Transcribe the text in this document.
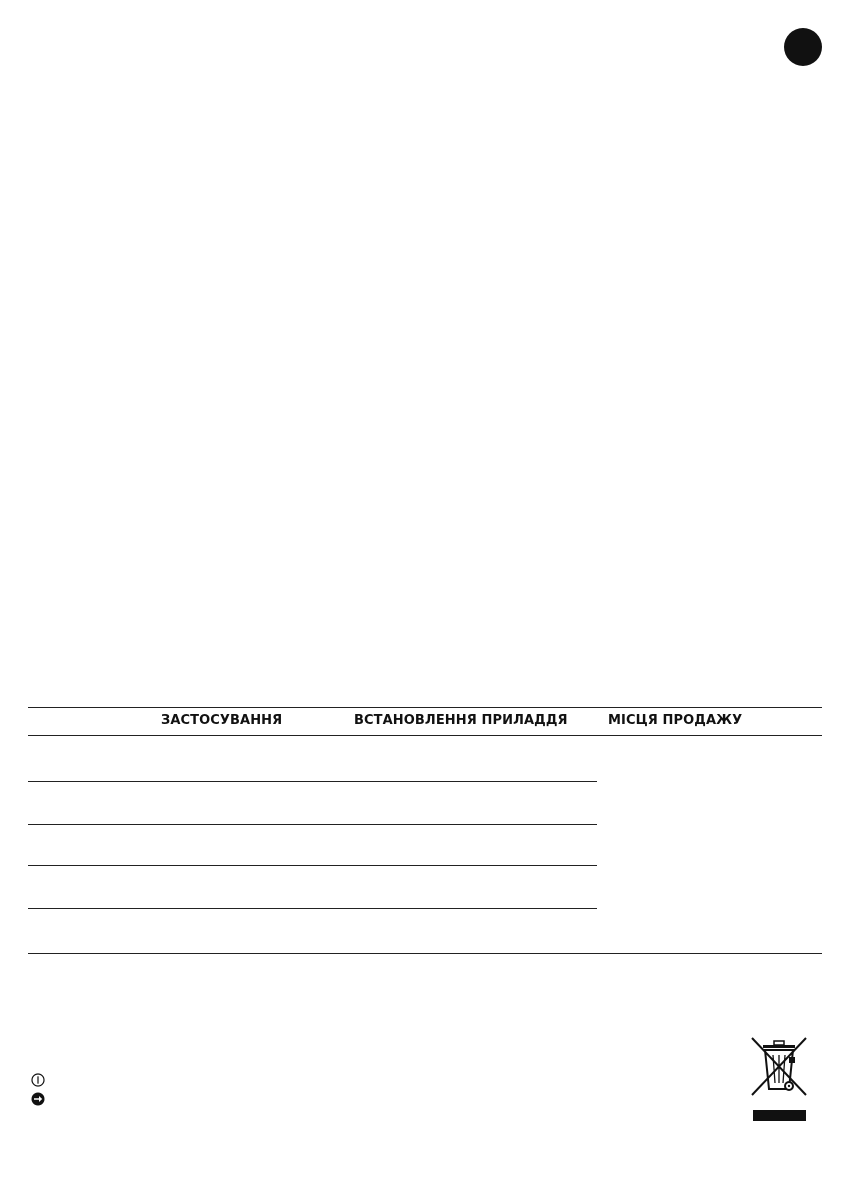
ЗАСТОСУВАННЯ	ВСТАНОВЛЕННЯ ПРИЛАДДЯ	МІСЦЯ ПРОДАЖУ
